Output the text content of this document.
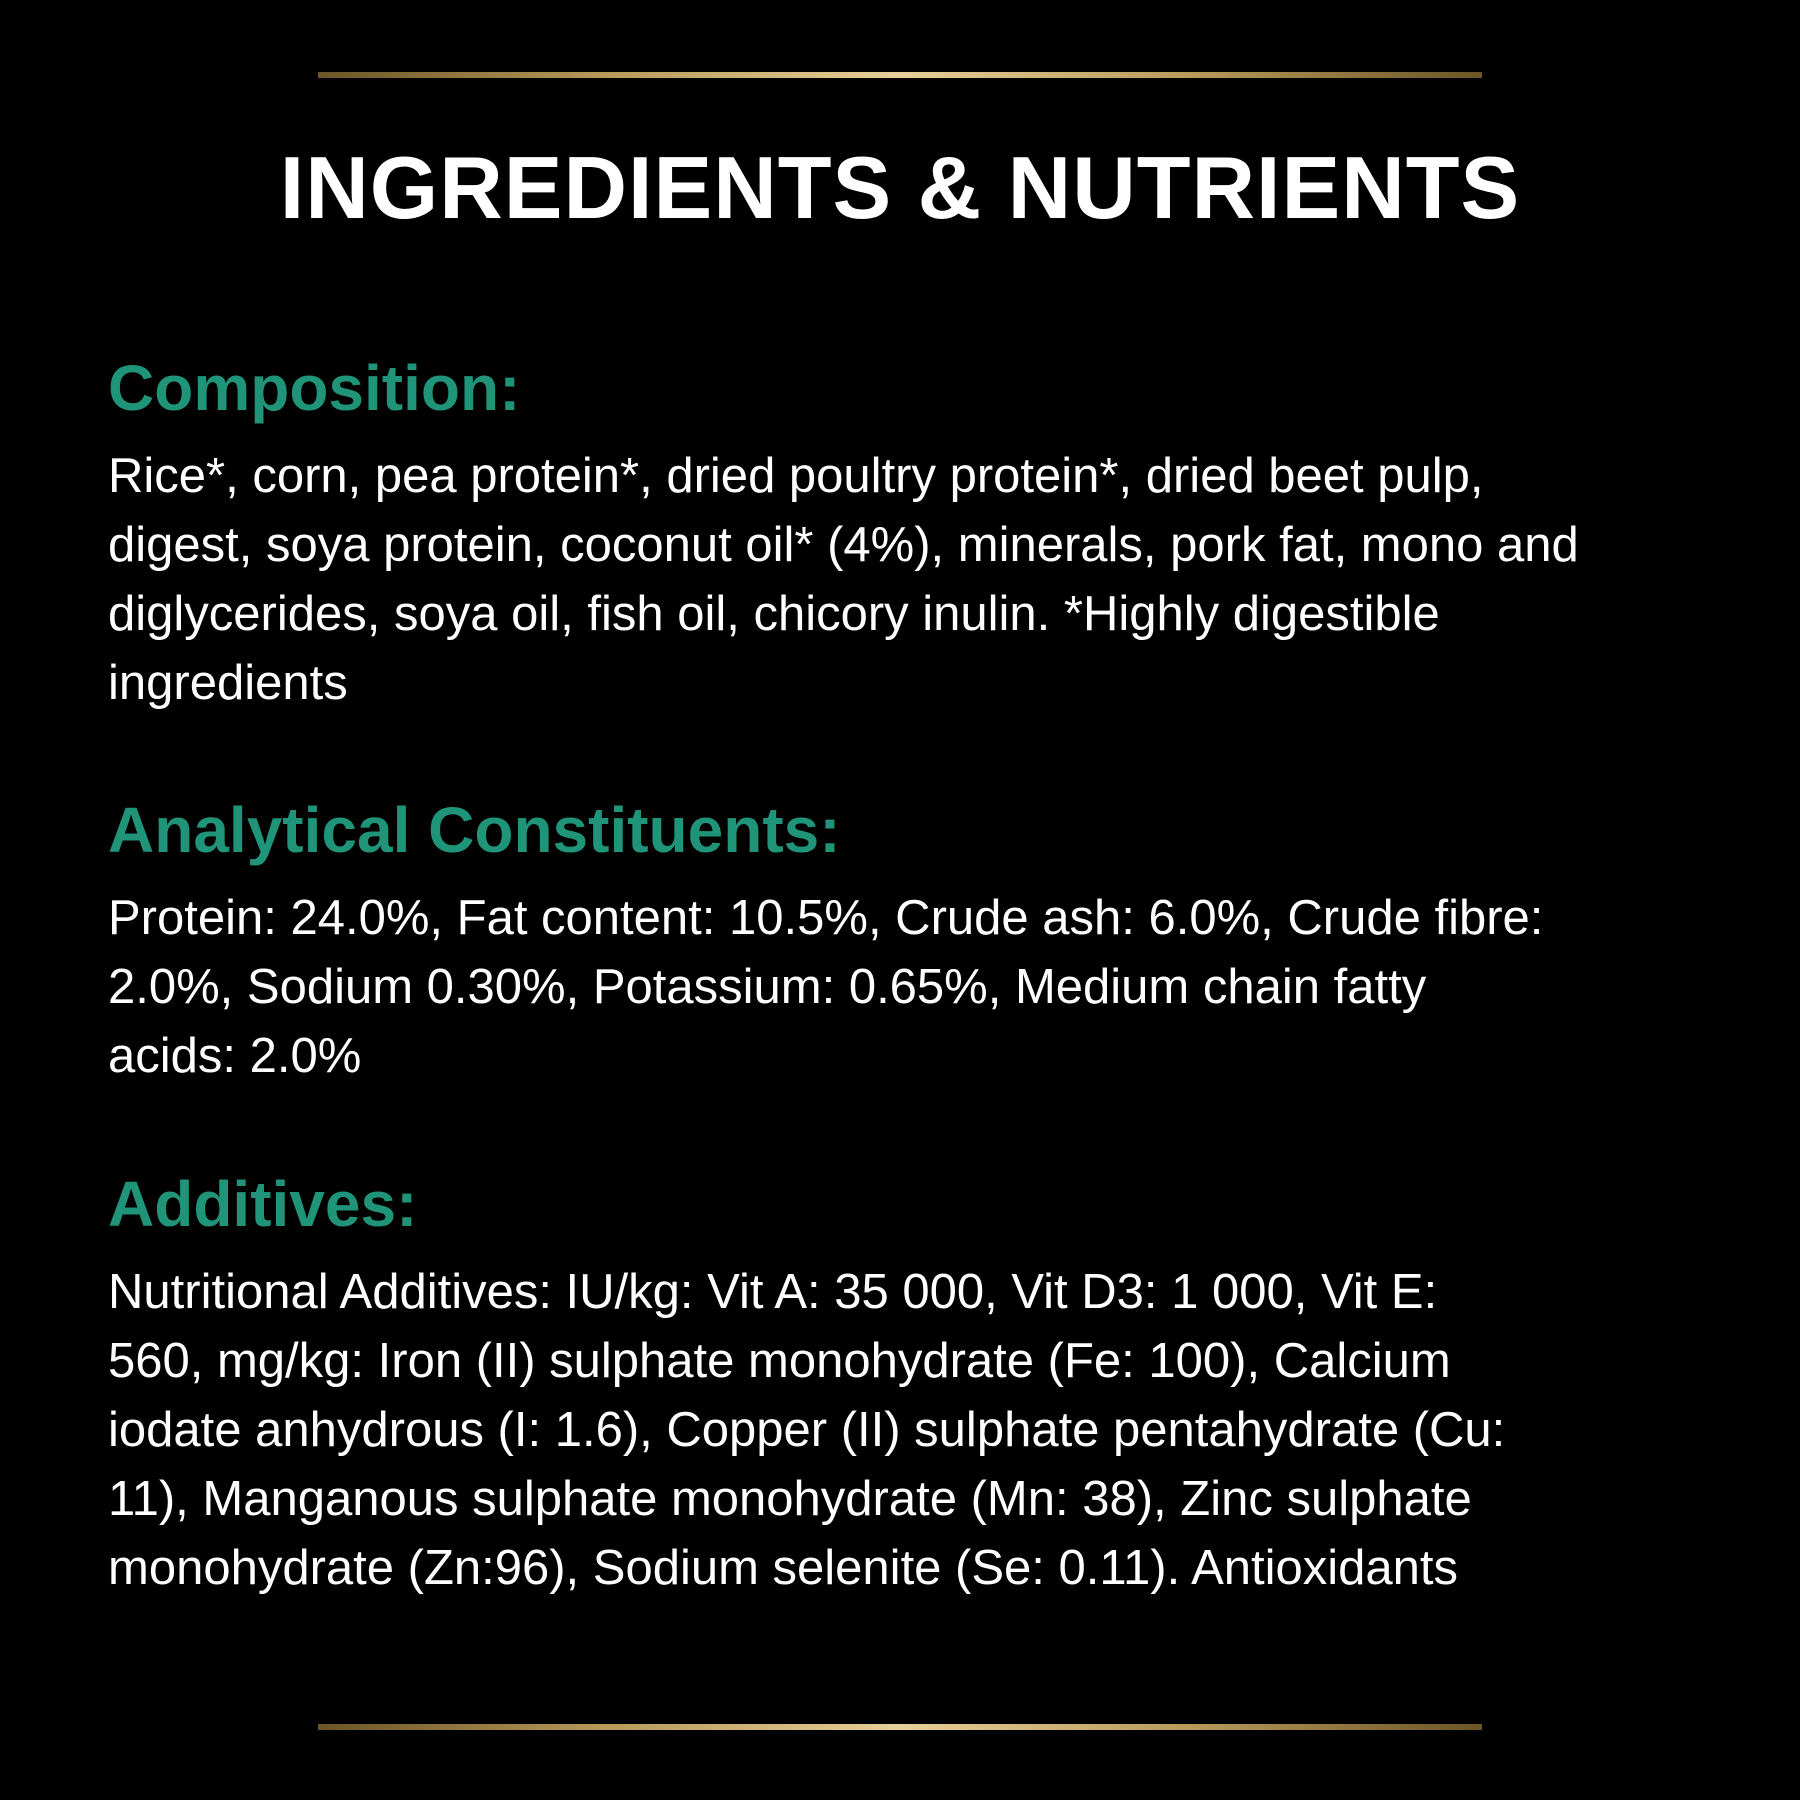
INGREDIENTS & NUTRIENTS
Composition:

Rice*, corn, pea protein*, dried poultry protein*, dried beet pulp,
digest, soya protein, coconut oil* (4%), minerals, pork fat, mono and
diglycerides, soya oil, fish oil, chicory inulin. *Highly digestible
ingredients

Analytical Constituents:

Protein: 24.0%, Fat content: 10.5%, Crude ash: 6.0%, Crude fibre:
2.0%, Sodium 0.30%, Potassium: 0.65%, Medium chain fatty
acids: 2.0%

Additives:

Nutritional Additives: IU/kg: Vit A: 35 000, Vit D3: 1 000, Vit E:
560, mg/kg: Iron (II) sulphate monohydrate (Fe: 100), Calcium
iodate anhydrous (I: 1.6), Copper (II) sulphate pentahydrate (Cu:
11), Manganous sulphate monohydrate (Mn: 38), Zinc sulphate
monohydrate (Zn:96), Sodium selenite (Se: 0.11). Antioxidants
